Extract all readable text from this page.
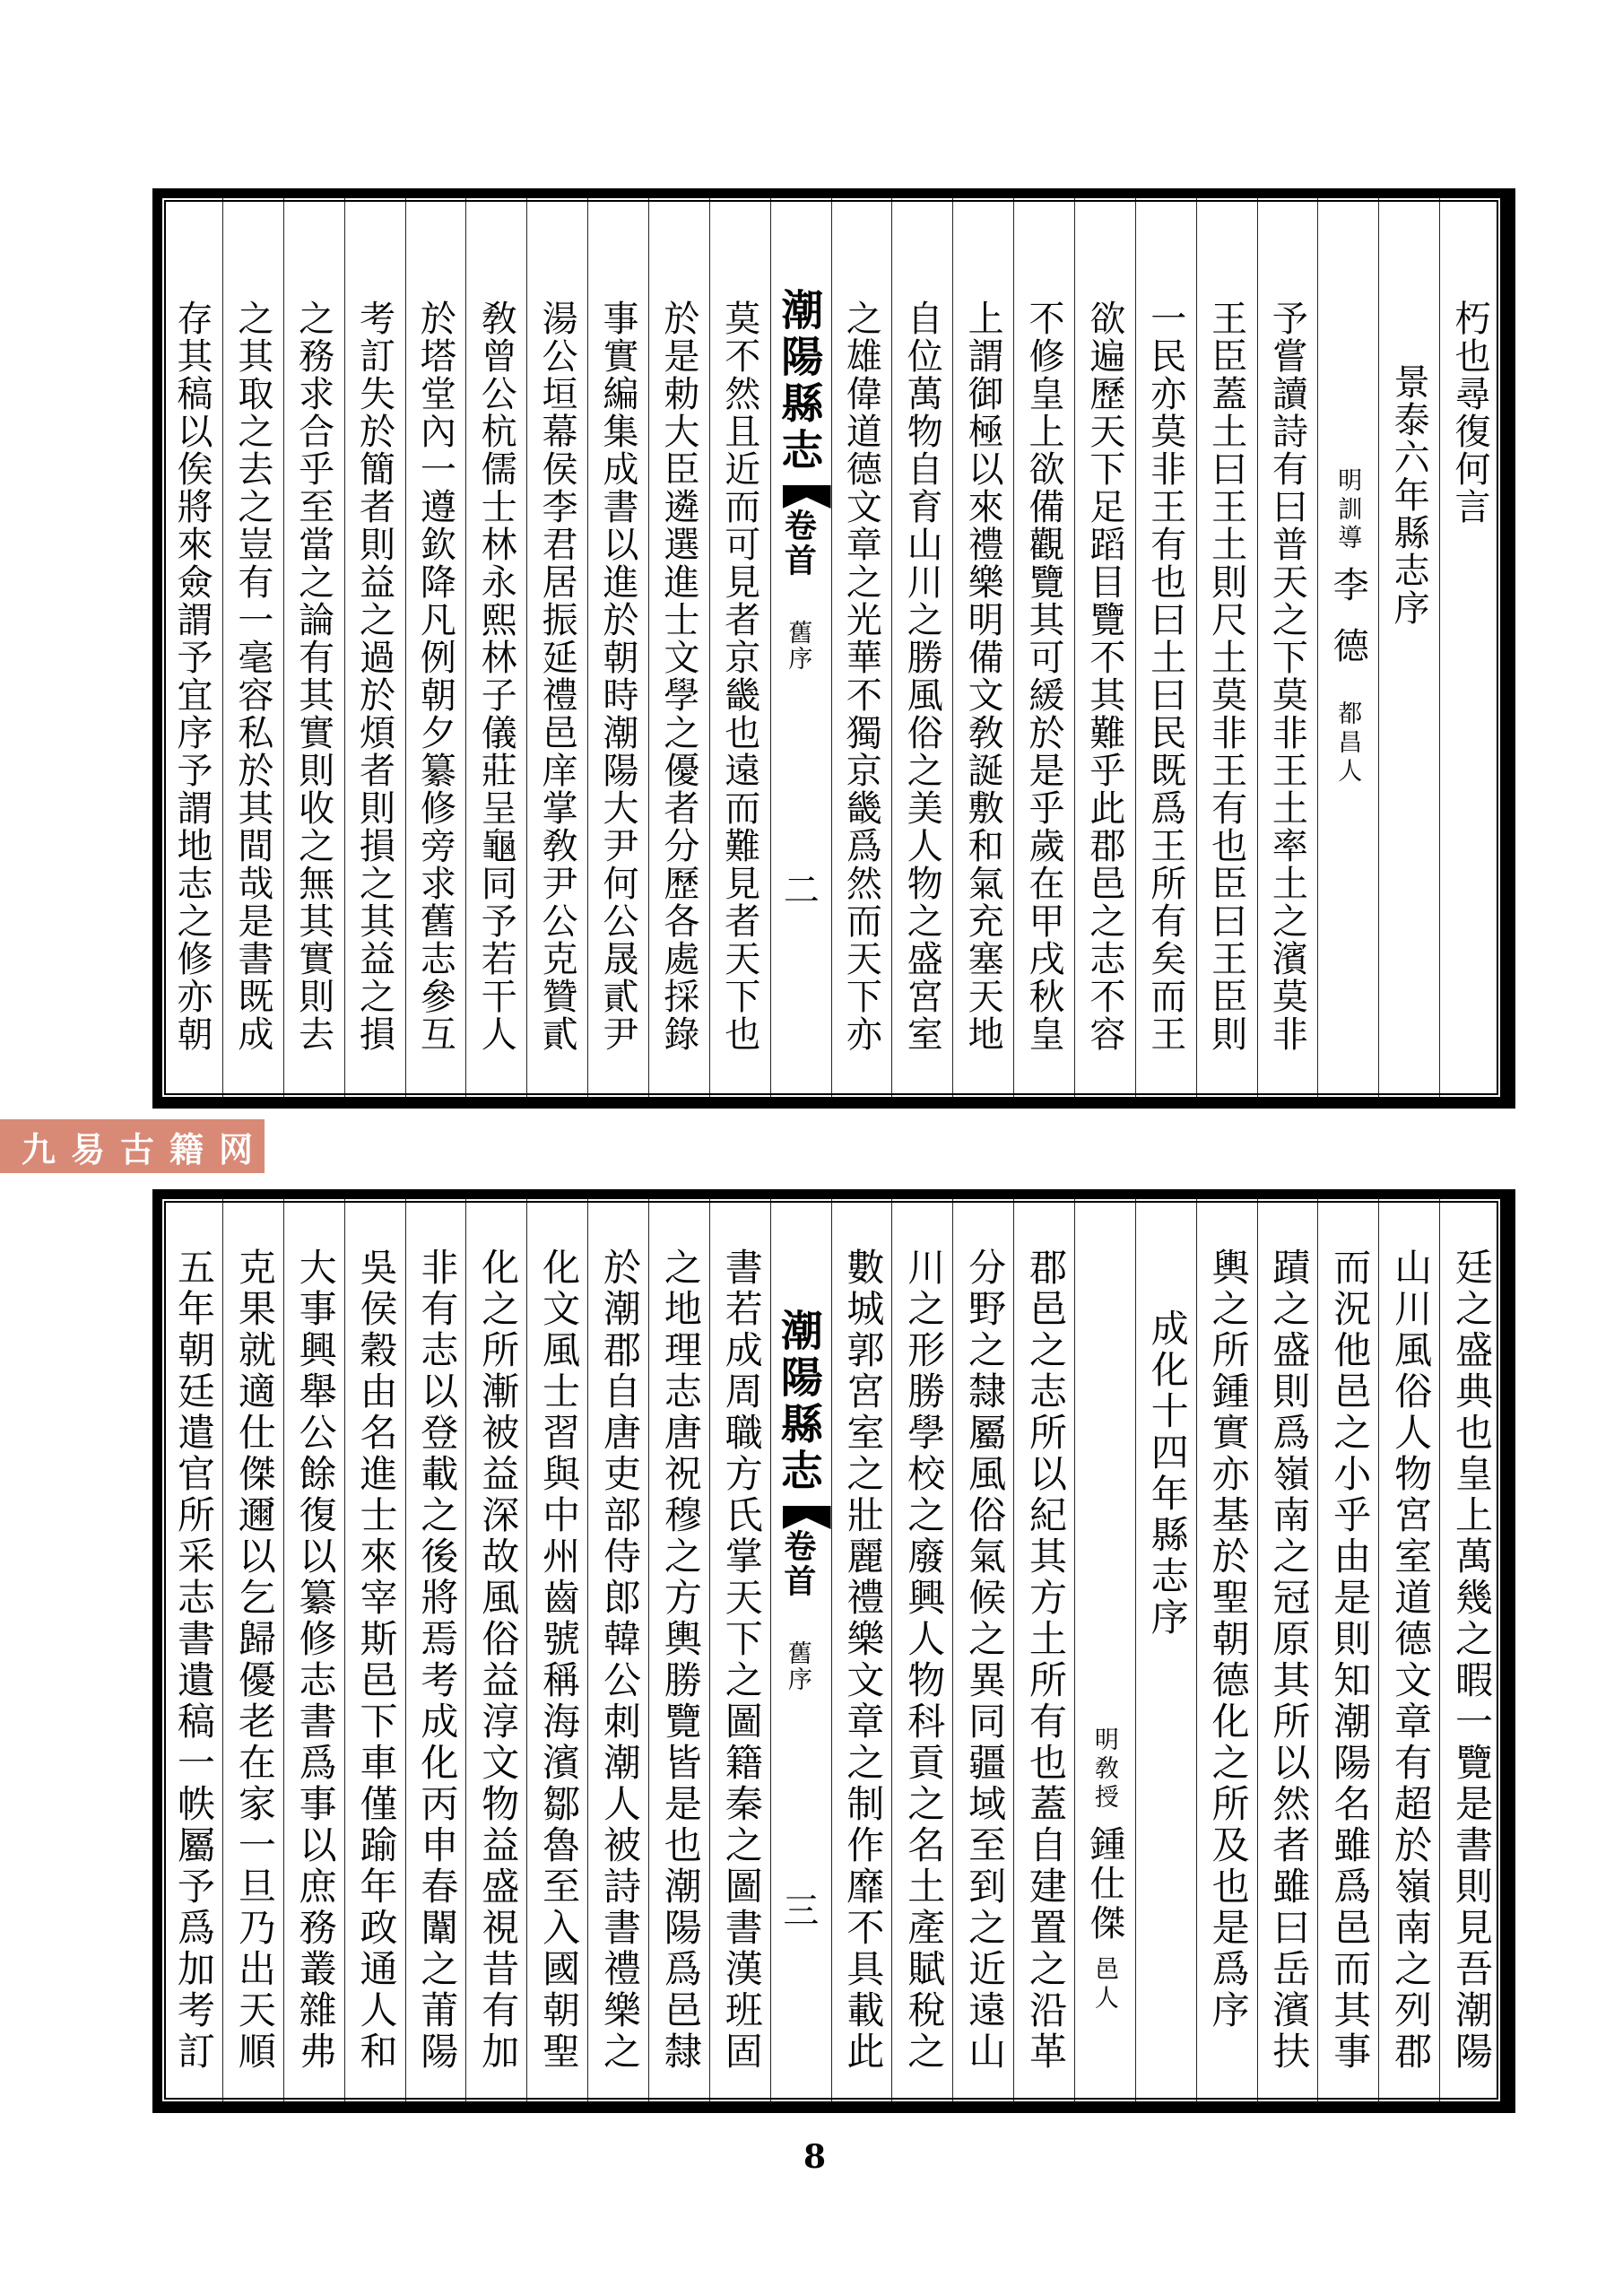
朽也尋復何言
景泰六年縣志序
明訓導李德都昌人
予嘗讀詩有曰普天之下莫非王土率土之濱莫非
王臣蓋土曰王土則尺土莫非王有也臣曰王臣則
一民亦莫非王有也曰土曰民既爲王所有矣而王
欲遍歷天下足蹈目覽不其難乎此郡邑之志不容
不修皇上欲備觀覽其可緩於是乎歲在甲戌秋皇
上謂御極以來禮樂明備文敎誕敷和氣充塞天地
自位萬物自育山川之勝風俗之美人物之盛宮室
之雄偉道德文章之光華不獨京畿爲然而天下亦
潮陽縣志卷首舊序二
莫不然且近而可見者京畿也遠而難見者天下也
於是勅大臣遴選進士文學之優者分歷各處採錄
事實編集成書以進於朝時潮陽大尹何公晟貳尹
湯公垣幕侯李君居振延禮邑庠掌敎尹公克贊貳
敎曾公杭儒士林永熙林子儀莊呈龜同予若干人
於塔堂內一遵欽降凡例朝夕纂修旁求舊志參互
考訂失於簡者則益之過於煩者則損之其益之損
之務求合乎至當之論有其實則收之無其實則去
之其取之去之豈有一毫容私於其間哉是書既成
存其稿以俟將來僉謂予宜序予謂地志之修亦朝
九易古籍网
廷之盛典也皇上萬幾之暇一覽是書則見吾潮陽
山川風俗人物宮室道德文章有超於嶺南之列郡
而況他邑之小乎由是則知潮陽名雖爲邑而其事
蹟之盛則爲嶺南之冠原其所以然者雖曰岳濱扶
輿之所鍾實亦基於聖朝德化之所及也是爲序
成化十四年縣志序
明敎授鍾仕傑邑人
郡邑之志所以紀其方土所有也蓋自建置之沿革
分野之隸屬風俗氣候之異同疆域至到之近遠山
川之形勝學校之廢興人物科貢之名土產賦稅之
數城郭宮室之壯麗禮樂文章之制作靡不具載此
潮陽縣志卷首舊序三
書若成周職方氏掌天下之圖籍秦之圖書漢班固
之地理志唐祝穆之方輿勝覽皆是也潮陽爲邑隸
於潮郡自唐吏部侍郎韓公刺潮人被詩書禮樂之
化文風士習與中州齒號稱海濱鄒魯至入國朝聖
化之所漸被益深故風俗益淳文物益盛視昔有加
非有志以登載之後將焉考成化丙申春闈之莆陽
吳侯穀由名進士來宰斯邑下車僅踰年政通人和
大事興舉公餘復以纂修志書爲事以庶務叢雜弗
克果就適仕傑邇以乞歸優老在家一旦乃出天順
五年朝廷遣官所采志書遺稿一帙屬予爲加考訂
8
